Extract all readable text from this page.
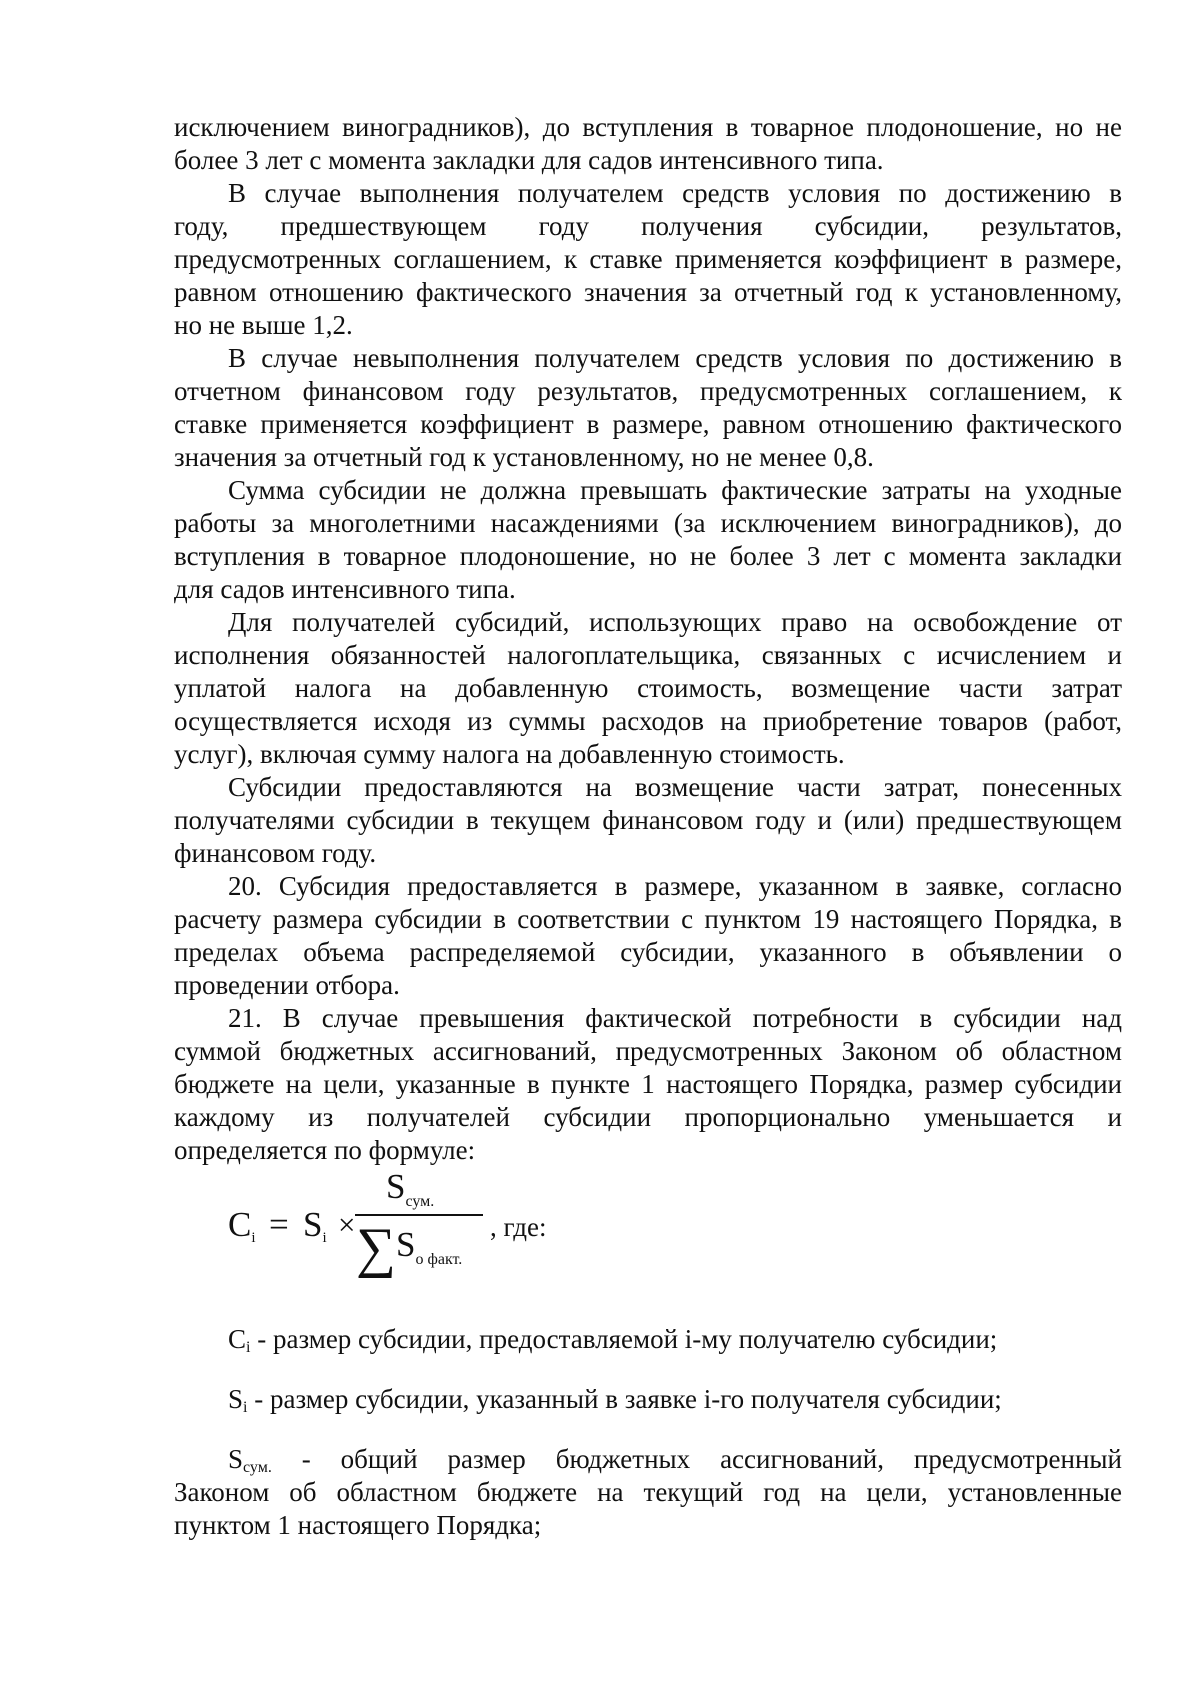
исключением виноградников), до вступления в товарное плодоношение, но не
более 3 лет с момента закладки для садов интенсивного типа.
В случае выполнения получателем средств условия по достижению в
году, предшествующем году получения субсидии, результатов,
предусмотренных соглашением, к ставке применяется коэффициент в размере,
равном отношению фактического значения за отчетный год к установленному,
но не выше 1,2.
В случае невыполнения получателем средств условия по достижению в
отчетном финансовом году результатов, предусмотренных соглашением, к
ставке применяется коэффициент в размере, равном отношению фактического
значения за отчетный год к установленному, но не менее 0,8.
Сумма субсидии не должна превышать фактические затраты на уходные
работы за многолетними насаждениями (за исключением виноградников), до
вступления в товарное плодоношение, но не более 3 лет с момента закладки
для садов интенсивного типа.
Для получателей субсидий, использующих право на освобождение от
исполнения обязанностей налогоплательщика, связанных с исчислением и
уплатой налога на добавленную стоимость, возмещение части затрат
осуществляется исходя из суммы расходов на приобретение товаров (работ,
услуг), включая сумму налога на добавленную стоимость.
Субсидии предоставляются на возмещение части затрат, понесенных
получателями субсидии в текущем финансовом году и (или) предшествующем
финансовом году.
20. Субсидия предоставляется в размере, указанном в заявке, согласно
расчету размера субсидии в соответствии с пунктом 19 настоящего Порядка, в
пределах объема распределяемой субсидии, указанного в объявлении о
проведении отбора.
21. В случае превышения фактической потребности в субсидии над
суммой бюджетных ассигнований, предусмотренных Законом об областном
бюджете на цели, указанные в пункте 1 настоящего Порядка, размер субсидии
каждому из получателей субсидии пропорционально уменьшается и
определяется по формуле:
$C_i = S_i$ ×
$S_{сум.}$
∑ $S_{о факт.}$
, где:
Ci - размер субсидии, предоставляемой i-му получателю субсидии;
Si - размер субсидии, указанный в заявке i-го получателя субсидии;
Sсум. - общий размер бюджетных ассигнований, предусмотренный
Законом об областном бюджете на текущий год на цели, установленные
пунктом 1 настоящего Порядка;
